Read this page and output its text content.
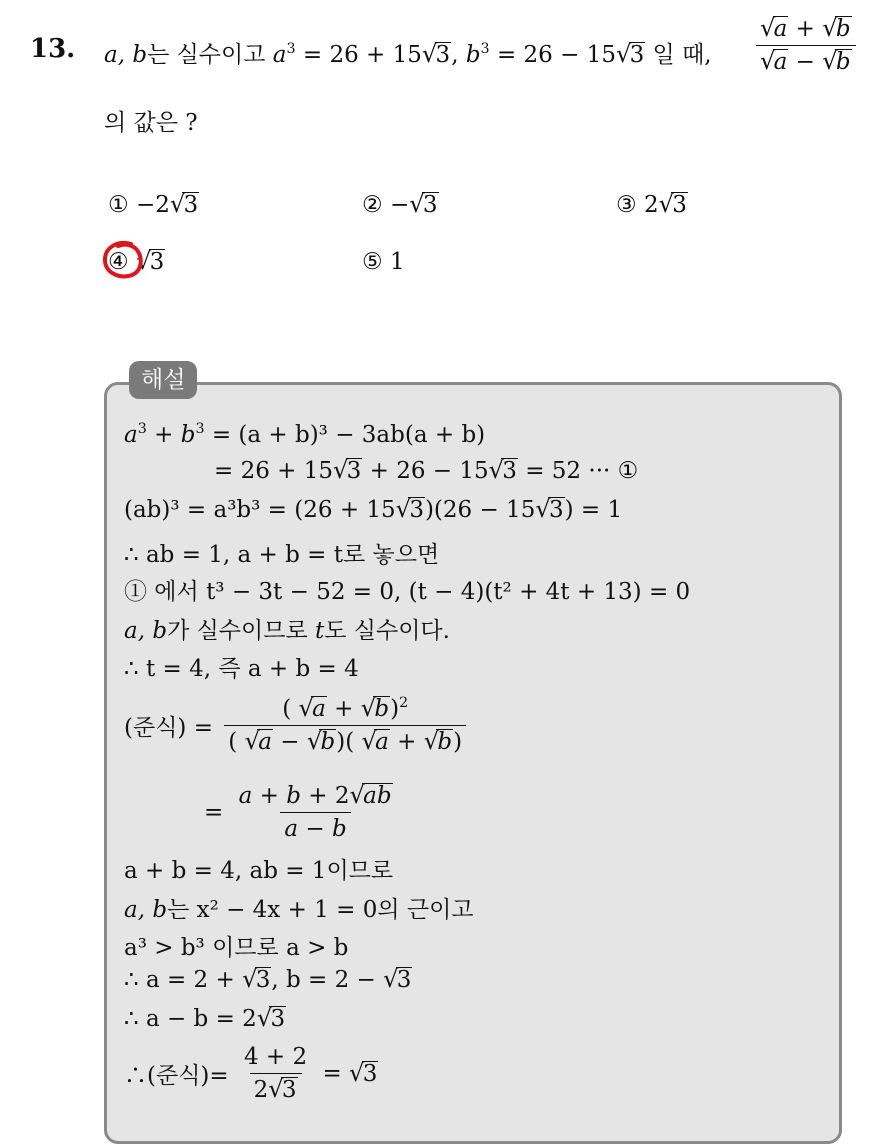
13. a, b는 실수이고 $a^3 = 26 + 15$ √ 3, $b^3 = 26 - 15$ √ 3 일 때, √ a + √ b
√ a − √ b
의 값은 ?
① −2 √ 3	② − √ 3	③ 2 √ 3
④ √ 3	⑤ 1
해설
$a^3 + b^3 = (a + b)^3 - 3ab(a + b)$
= 26 + 15 √ 3 + 26 − 15 √ 3 = 52 ··· ①
(ab)³ = a³b³ = (26 + 15 √ 3)(26 − 15 √ 3) = 1
∴ ab = 1, a + b = t로 놓으면
① 에서 t³ − 3t − 52 = 0, (t − 4)(t² + 4t + 13) = 0
a, b가 실수이므로 t도 실수이다.
∴ t = 4, 즉 a + b = 4
(준식) = $\frac{( √ a + √ b)^2}{( √ a - √ b)( √ a + √ b)}$
= $\frac{a + b + 2 √ ab}{a - b}$
a + b = 4, ab = 1이므로
a, b는 x² − 4x + 1 = 0의 근이고
a³ > b³ 이므로 a > b
∴ a = 2 + √ 3, b = 2 − √ 3
∴ a − b = 2 √ 3
∴(준식)= $\frac{4 + 2}{2 √ 3}$ = √ 3
